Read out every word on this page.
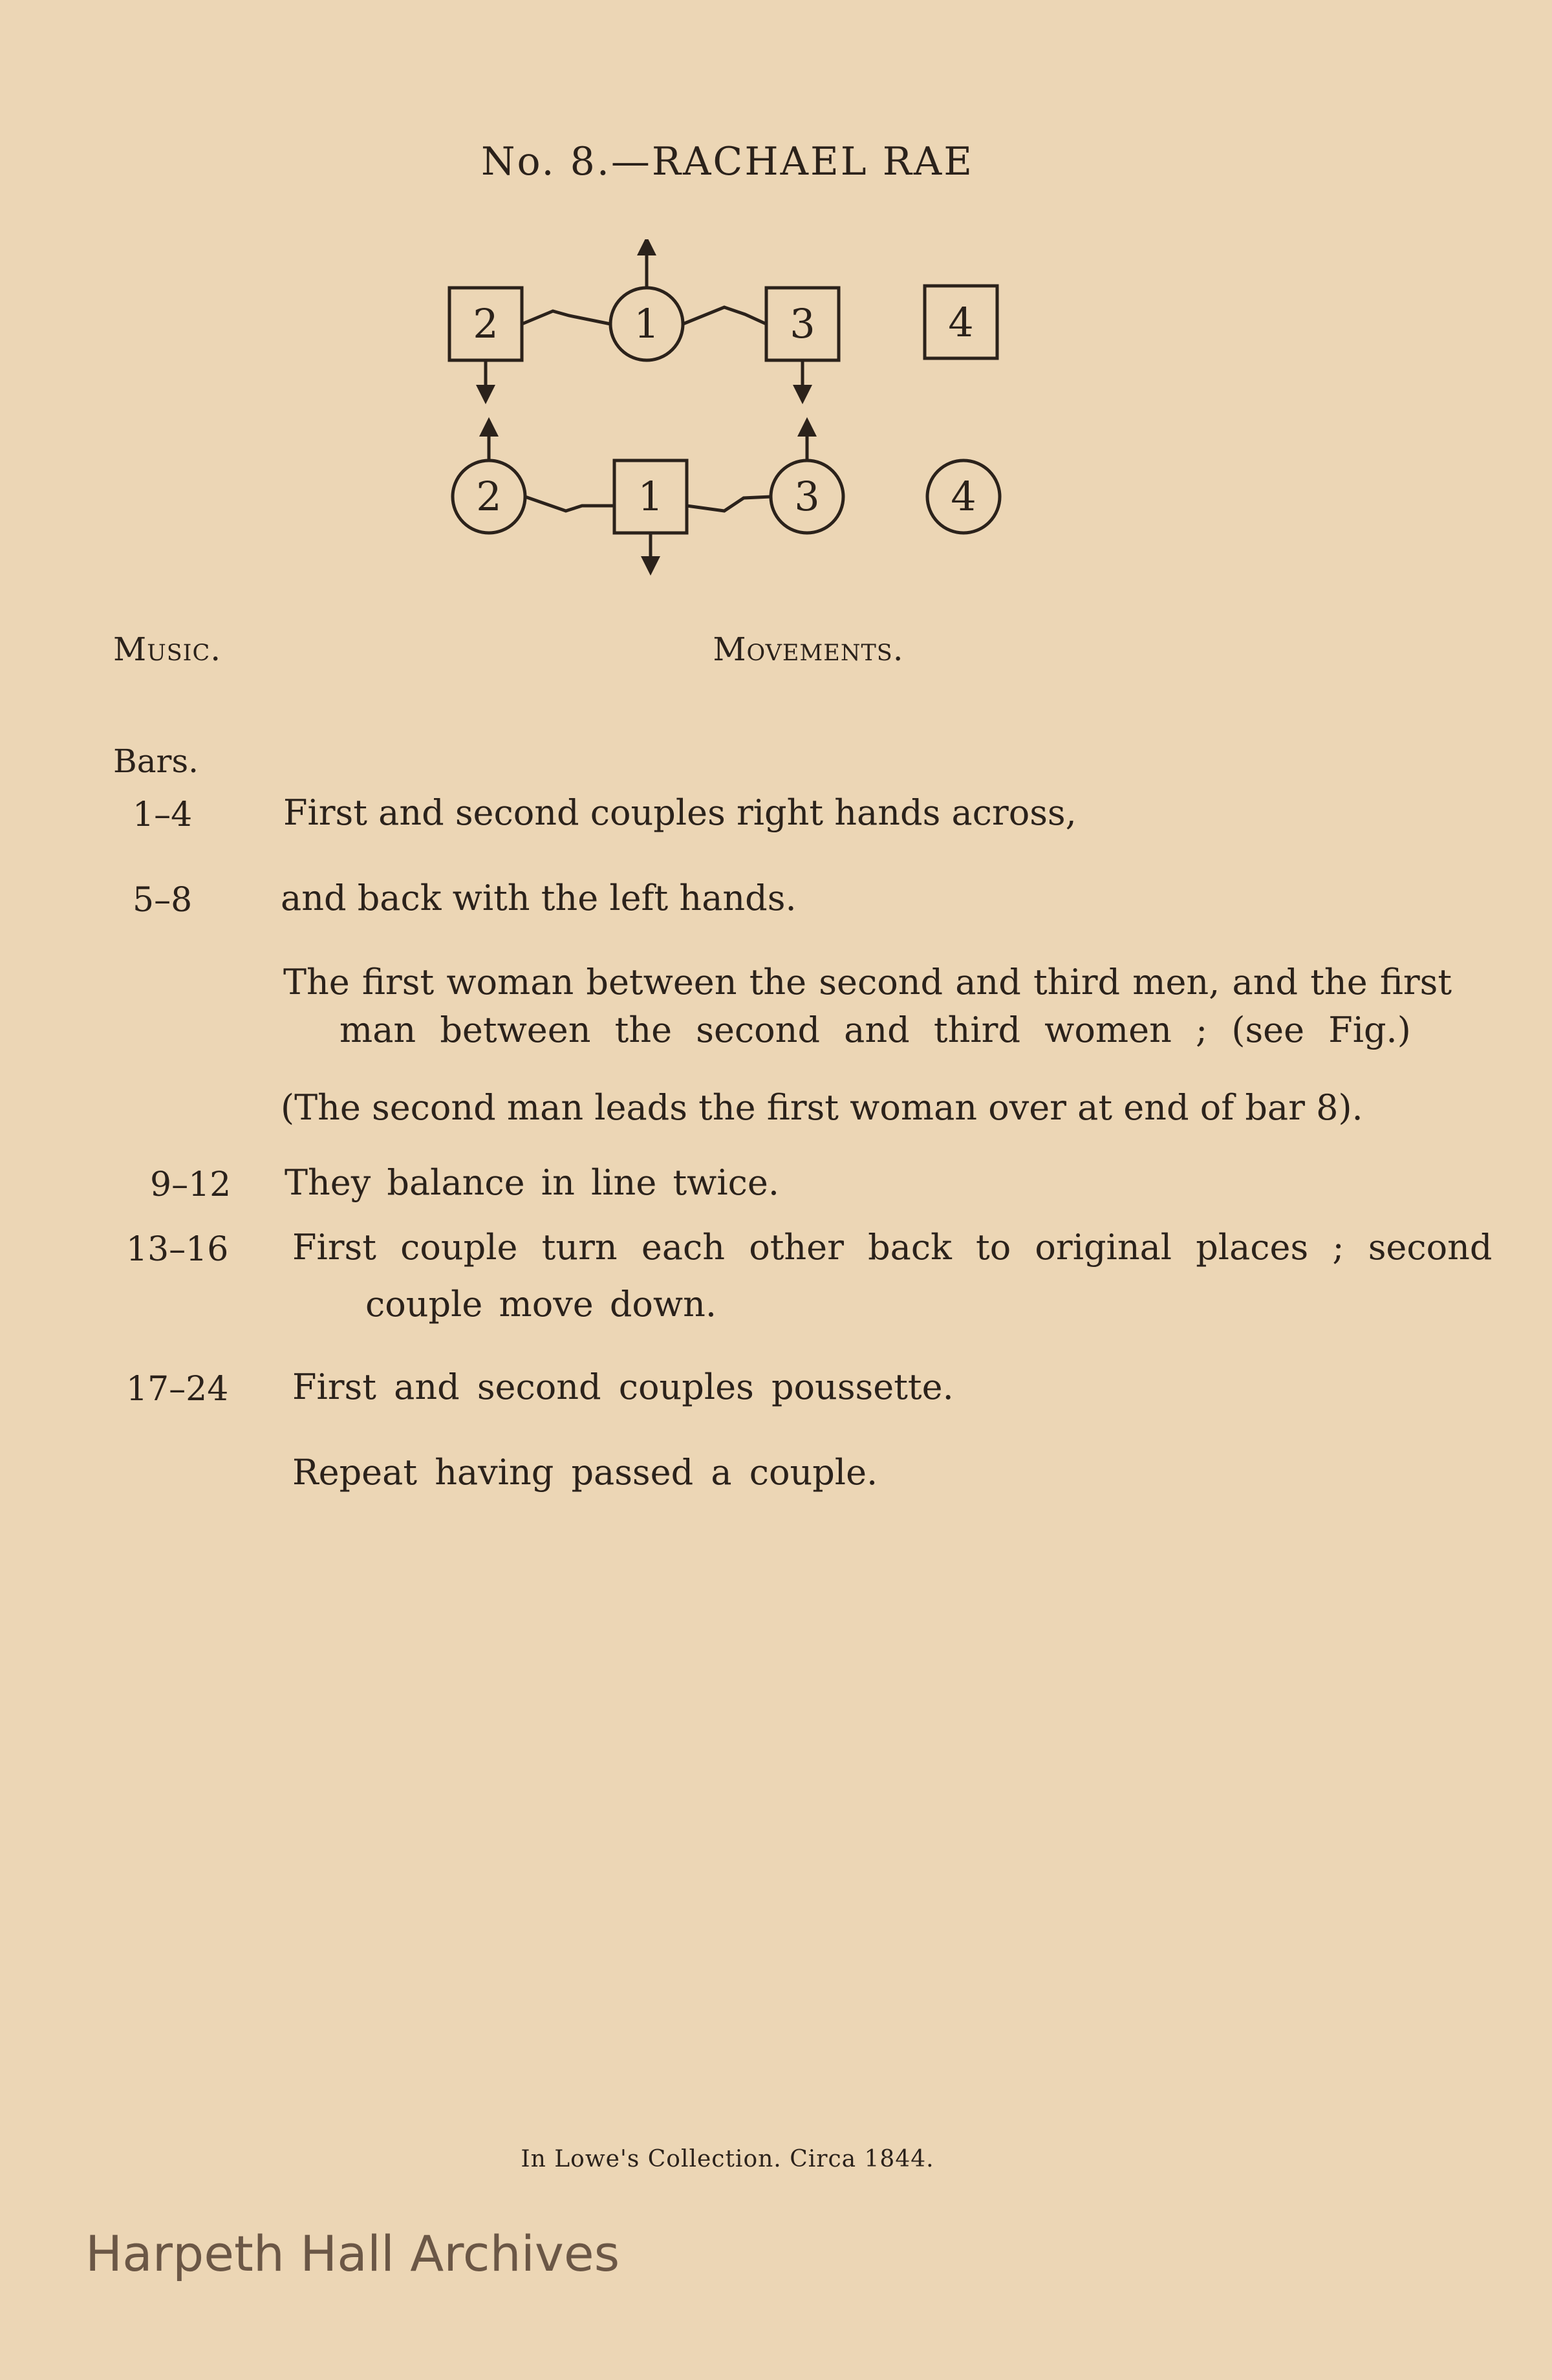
No. 8.—RACHAEL RAE
2	1	3	4
2	1	3	4
Music.	Movements.
Bars.
1–4	First and second couples right hands across,
5–8	and back with the left hands.
The first woman between the second and third men, and the first
man between the second and third women ; (see Fig.)
(The second man leads the first woman over at end of bar 8).
9–12 They balance in line twice.
13–16 First couple turn each other back to original places ; second
couple move down.
17–24 First and second couples poussette.
Repeat having passed a couple.
In Lowe's Collection. Circa 1844.
Harpeth Hall Archives
